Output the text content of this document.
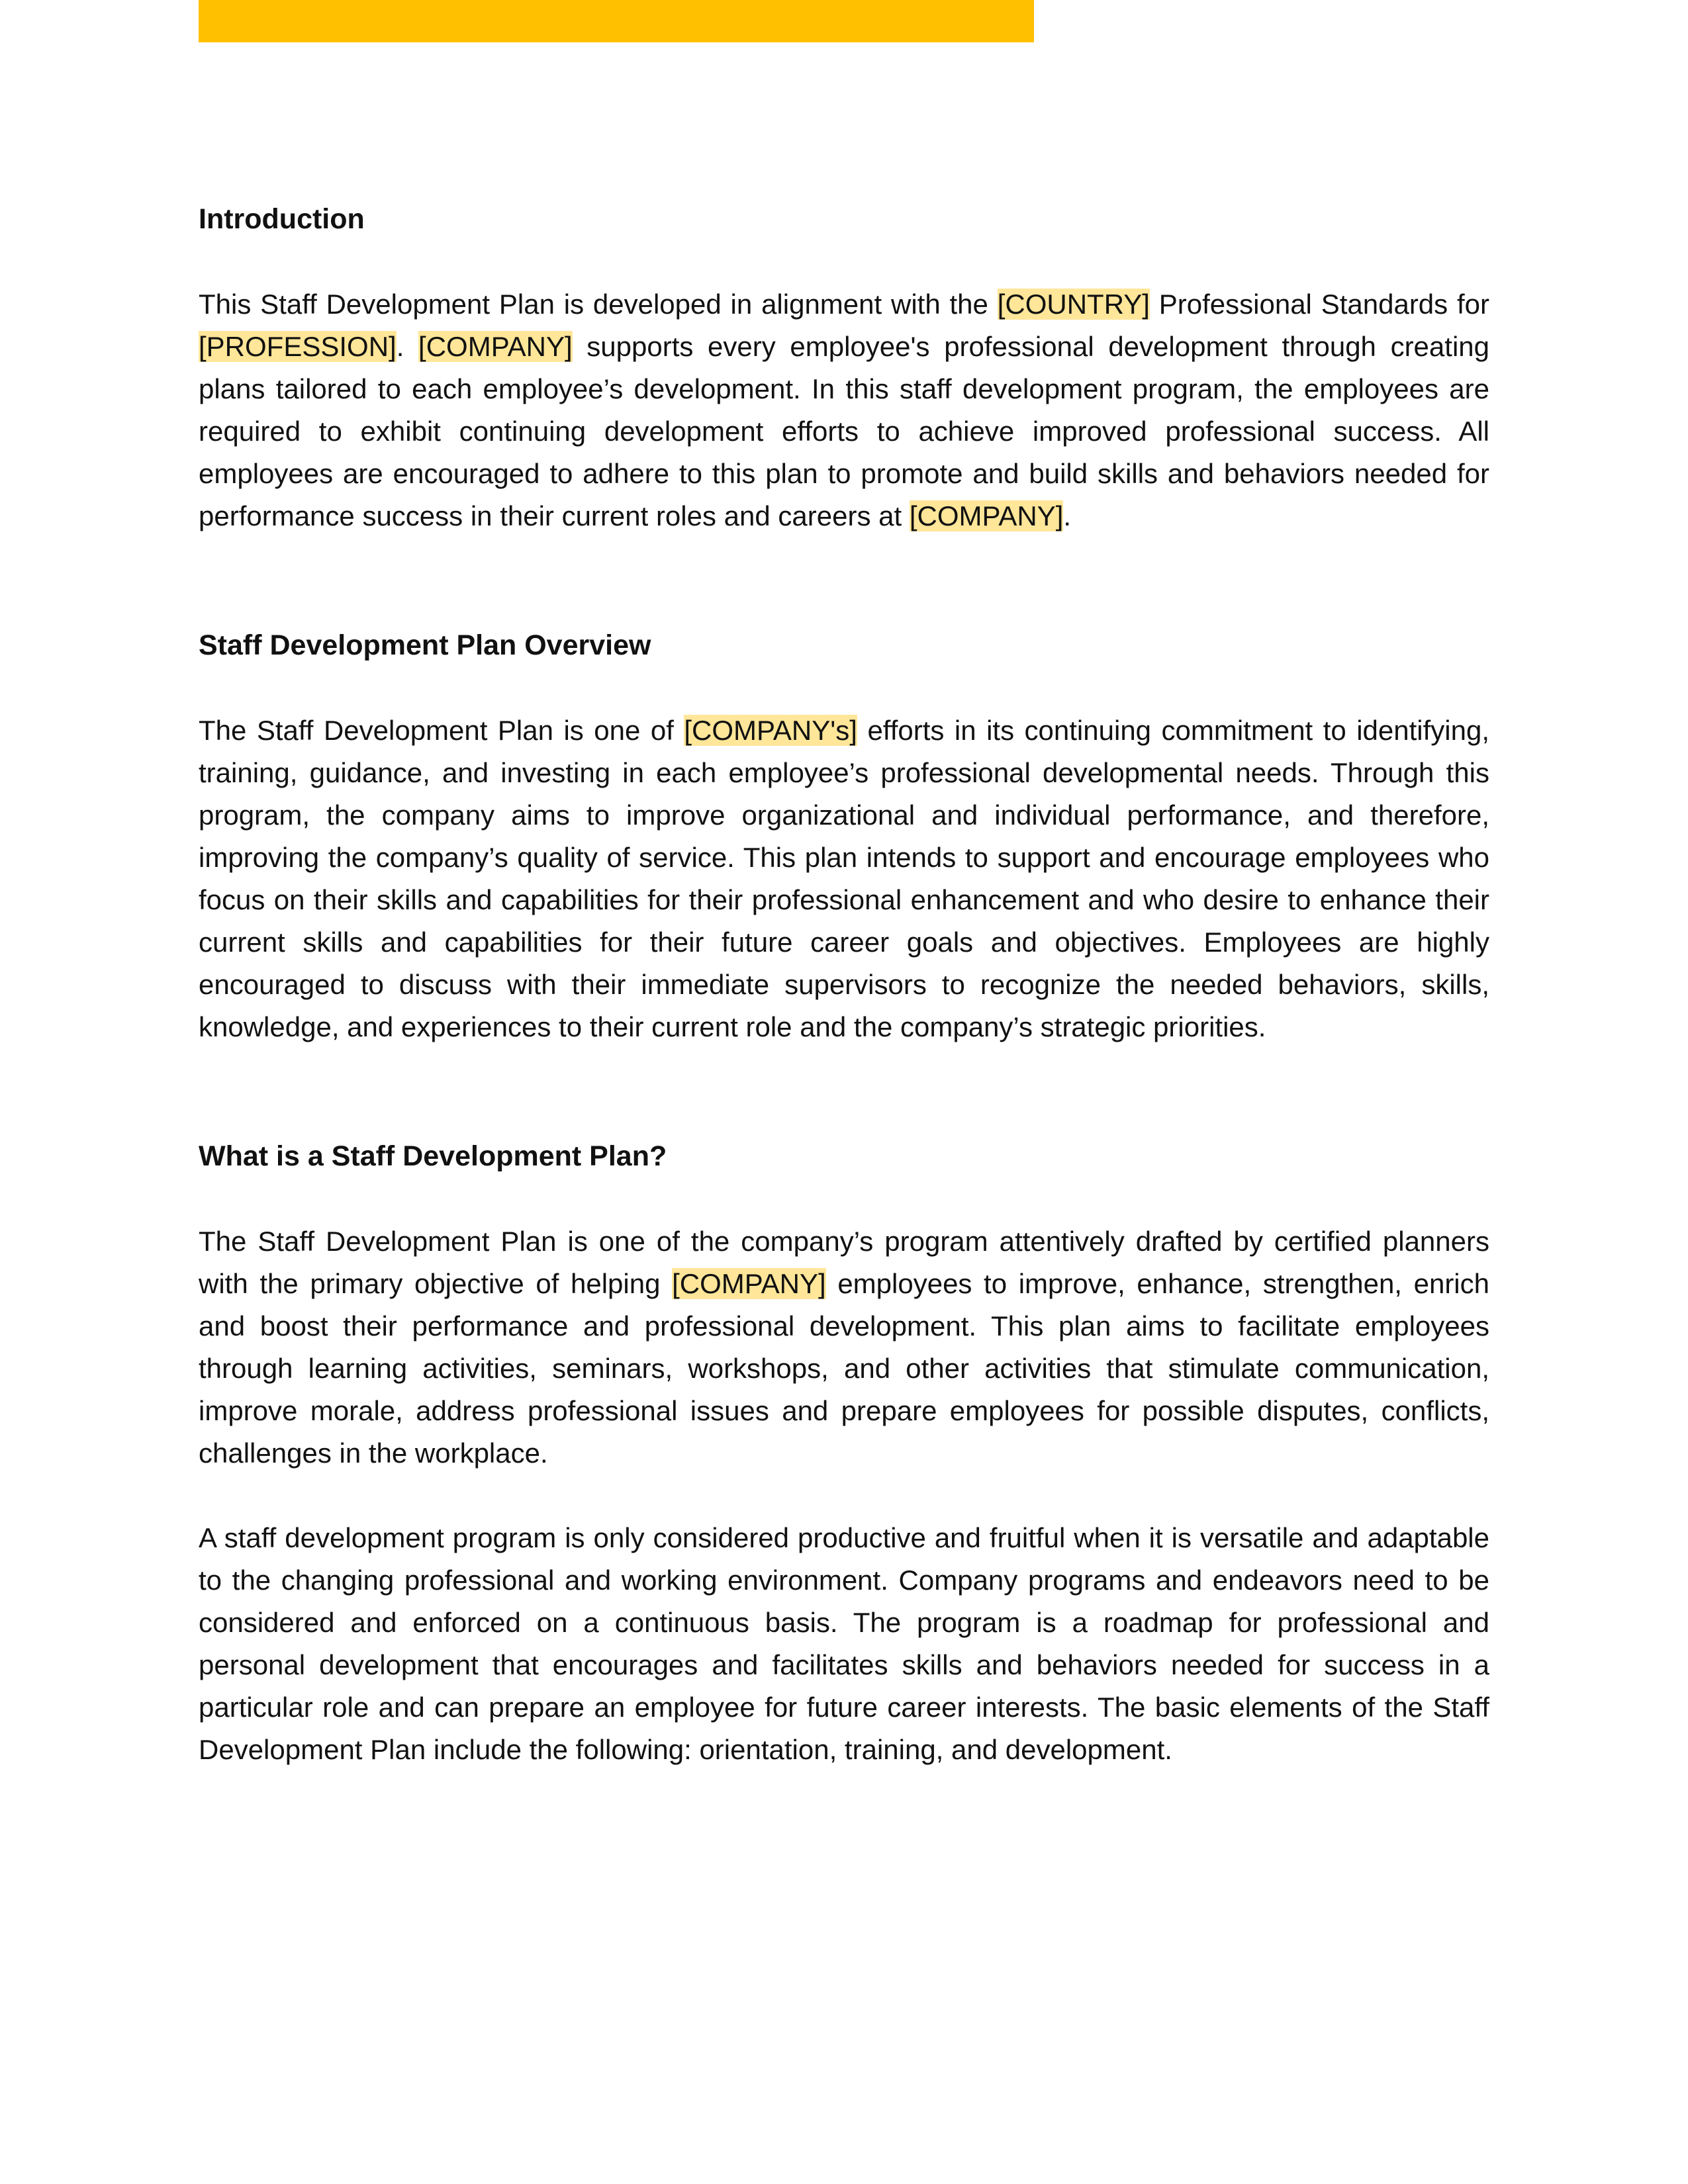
Introduction

This Staff Development Plan is developed in alignment with the [COUNTRY] Professional Standards for [PROFESSION]. [COMPANY] supports every employee's professional development through creating plans tailored to each employee’s development. In this staff development program, the employees are required to exhibit continuing development efforts to achieve improved professional success. All employees are encouraged to adhere to this plan to promote and build skills and behaviors needed for performance success in their current roles and careers at [COMPANY].

Staff Development Plan Overview

The Staff Development Plan is one of [COMPANY's] efforts in its continuing commitment to identifying, training, guidance, and investing in each employee’s professional developmental needs. Through this program, the company aims to improve organizational and individual performance, and therefore, improving the company’s quality of service. This plan intends to support and encourage employees who focus on their skills and capabilities for their professional enhancement and who desire to enhance their current skills and capabilities for their future career goals and objectives. Employees are highly encouraged to discuss with their immediate supervisors to recognize the needed behaviors, skills, knowledge, and experiences to their current role and the company’s strategic priorities.

What is a Staff Development Plan?

The Staff Development Plan is one of the company’s program attentively drafted by certified planners with the primary objective of helping [COMPANY] employees to improve, enhance, strengthen, enrich and boost their performance and professional development. This plan aims to facilitate employees through learning activities, seminars, workshops, and other activities that stimulate communication, improve morale, address professional issues and prepare employees for possible disputes, conflicts, challenges in the workplace.

A staff development program is only considered productive and fruitful when it is versatile and adaptable to the changing professional and working environment. Company programs and endeavors need to be considered and enforced on a continuous basis. The program is a roadmap for professional and personal development that encourages and facilitates skills and behaviors needed for success in a particular role and can prepare an employee for future career interests. The basic elements of the Staff Development Plan include the following: orientation, training, and development.
